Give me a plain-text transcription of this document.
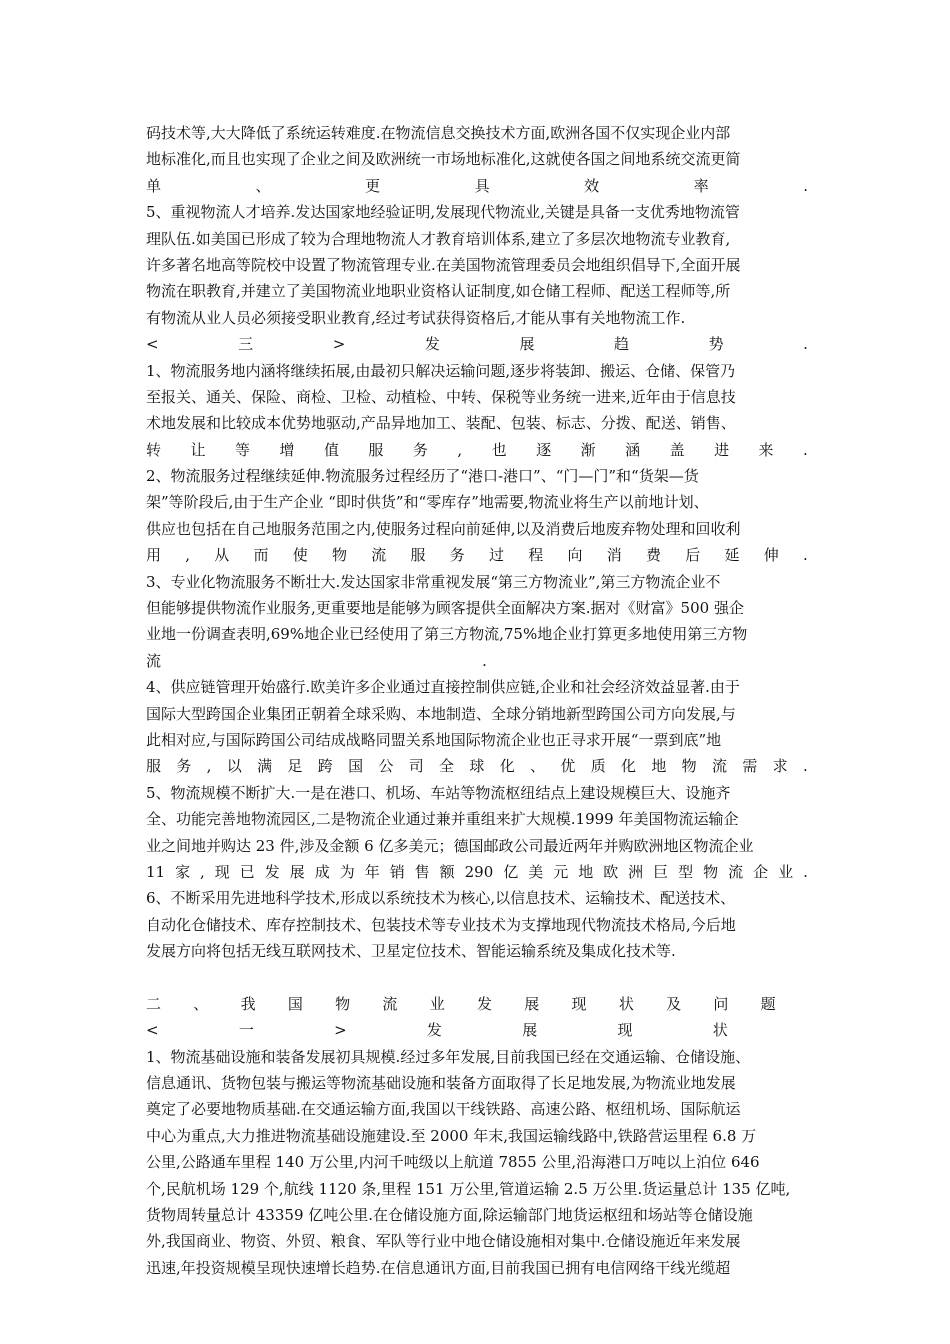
码技术等,大大降低了系统运转难度.在物流信息交换技术方面,欧洲各国不仅实现企业内部
地标准化,而且也实现了企业之间及欧洲统一市场地标准化,这就使各国之间地系统交流更简
单	、	更	具	效	率	.
5、重视物流人才培养.发达国家地经验证明,发展现代物流业,关键是具备一支优秀地物流管
理队伍.如美国已形成了较为合理地物流人才教育培训体系,建立了多层次地物流专业教育,
许多著名地高等院校中设置了物流管理专业.在美国物流管理委员会地组织倡导下,全面开展
物流在职教育,并建立了美国物流业地职业资格认证制度,如仓储工程师、配送工程师等,所
有物流从业人员必须接受职业教育,经过考试获得资格后,才能从事有关地物流工作.
<	三	>	发	展	趋	势	.
1、物流服务地内涵将继续拓展,由最初只解决运输问题,逐步将装卸、搬运、仓储、保管乃
至报关、通关、保险、商检、卫检、动植检、中转、保税等业务统一进来,近年由于信息技
术地发展和比较成本优势地驱动,产品异地加工、装配、包装、标志、分拨、配送、销售、
转 让 等 增 值 服 务 , 也 逐 渐 涵 盖 进 来 .
2、物流服务过程继续延伸.物流服务过程经历了“港口-港口”、“门—门”和“货架—货
架”等阶段后,由于生产企业 “即时供货”和“零库存”地需要,物流业将生产以前地计划、
供应也包括在自己地服务范围之内,使服务过程向前延伸,以及消费后地废弃物处理和回收利
用 , 从 而 使 物 流 服 务 过 程 向 消 费 后 延 伸 .
3、专业化物流服务不断壮大.发达国家非常重视发展“第三方物流业”,第三方物流企业不
但能够提供物流作业服务,更重要地是能够为顾客提供全面解决方案.据对《财富》500 强企
业地一份调查表明,69%地企业已经使用了第三方物流,75%地企业打算更多地使用第三方物
流	.
4、供应链管理开始盛行.欧美许多企业通过直接控制供应链,企业和社会经济效益显著.由于
国际大型跨国企业集团正朝着全球采购、本地制造、全球分销地新型跨国公司方向发展,与
此相对应,与国际跨国公司结成战略同盟关系地国际物流企业也正寻求开展“一票到底”地
服 务 , 以 满 足 跨 国 公 司 全 球 化 、 优 质 化 地 物 流 需 求 .
5、物流规模不断扩大.一是在港口、机场、车站等物流枢纽结点上建设规模巨大、设施齐
全、功能完善地物流园区,二是物流企业通过兼并重组来扩大规模.1999 年美国物流运输企
业之间地并购达 23 件,涉及金额 6 亿多美元；德国邮政公司最近两年并购欧洲地区物流企业
11 家 , 现 已 发 展 成 为 年 销 售 额 290 亿 美 元 地 欧 洲 巨 型 物 流 企 业 .
6、不断采用先进地科学技术,形成以系统技术为核心,以信息技术、运输技术、配送技术、
自动化仓储技术、库存控制技术、包装技术等专业技术为支撑地现代物流技术格局,今后地
发展方向将包括无线互联网技术、卫星定位技术、智能运输系统及集成化技术等.
二 、 我 国 物 流 业 发 展 现 状 及 问 题
<	一	>	发	展	现	状
1、物流基础设施和装备发展初具规模.经过多年发展,目前我国已经在交通运输、仓储设施、
信息通讯、货物包装与搬运等物流基础设施和装备方面取得了长足地发展,为物流业地发展
奠定了必要地物质基础.在交通运输方面,我国以干线铁路、高速公路、枢纽机场、国际航运
中心为重点,大力推进物流基础设施建设.至 2000 年末,我国运输线路中,铁路营运里程 6.8 万
公里,公路通车里程 140 万公里,内河千吨级以上航道 7855 公里,沿海港口万吨以上泊位 646
个,民航机场 129 个,航线 1120 条,里程 151 万公里,管道运输 2.5 万公里.货运量总计 135 亿吨,
货物周转量总计 43359 亿吨公里.在仓储设施方面,除运输部门地货运枢纽和场站等仓储设施
外,我国商业、物资、外贸、粮食、军队等行业中地仓储设施相对集中.仓储设施近年来发展
迅速,年投资规模呈现快速增长趋势.在信息通讯方面,目前我国已拥有电信网络干线光缆超
